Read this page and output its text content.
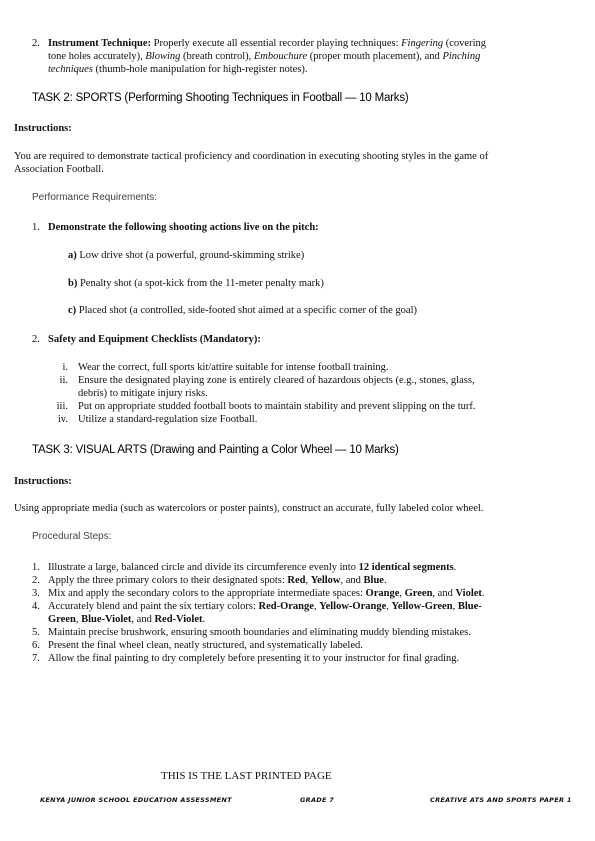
2. Instrument Technique: Properly execute all essential recorder playing techniques: Fingering (covering
tone holes accurately), Blowing (breath control), Embouchure (proper mouth placement), and Pinching
techniques (thumb-hole manipulation for high-register notes).
TASK 2: SPORTS (Performing Shooting Techniques in Football — 10 Marks)
Instructions:
You are required to demonstrate tactical proficiency and coordination in executing shooting styles in the game of
Association Football.
Performance Requirements:
1. Demonstrate the following shooting actions live on the pitch:
a) Low drive shot (a powerful, ground-skimming strike)
b) Penalty shot (a spot-kick from the 11-meter penalty mark)
c) Placed shot (a controlled, side-footed shot aimed at a specific corner of the goal)
2. Safety and Equipment Checklists (Mandatory):
i. Wear the correct, full sports kit/attire suitable for intense football training.
ii. Ensure the designated playing zone is entirely cleared of hazardous objects (e.g., stones, glass,
debris) to mitigate injury risks.
iii. Put on appropriate studded football boots to maintain stability and prevent slipping on the turf.
iv. Utilize a standard-regulation size Football.
TASK 3: VISUAL ARTS (Drawing and Painting a Color Wheel — 10 Marks)
Instructions:
Using appropriate media (such as watercolors or poster paints), construct an accurate, fully labeled color wheel.
Procedural Steps:
1. Illustrate a large, balanced circle and divide its circumference evenly into 12 identical segments.
2. Apply the three primary colors to their designated spots: Red, Yellow, and Blue.
3. Mix and apply the secondary colors to the appropriate intermediate spaces: Orange, Green, and Violet.
4. Accurately blend and paint the six tertiary colors: Red-Orange, Yellow-Orange, Yellow-Green, Blue-
Green, Blue-Violet, and Red-Violet.
5. Maintain precise brushwork, ensuring smooth boundaries and eliminating muddy blending mistakes.
6. Present the final wheel clean, neatly structured, and systematically labeled.
7. Allow the final painting to dry completely before presenting it to your instructor for final grading.
THIS IS THE LAST PRINTED PAGE
KENYA JUNIOR SCHOOL EDUCATION ASSESSMENT	GRADE 7	CREATIVE ATS AND SPORTS PAPER 1
